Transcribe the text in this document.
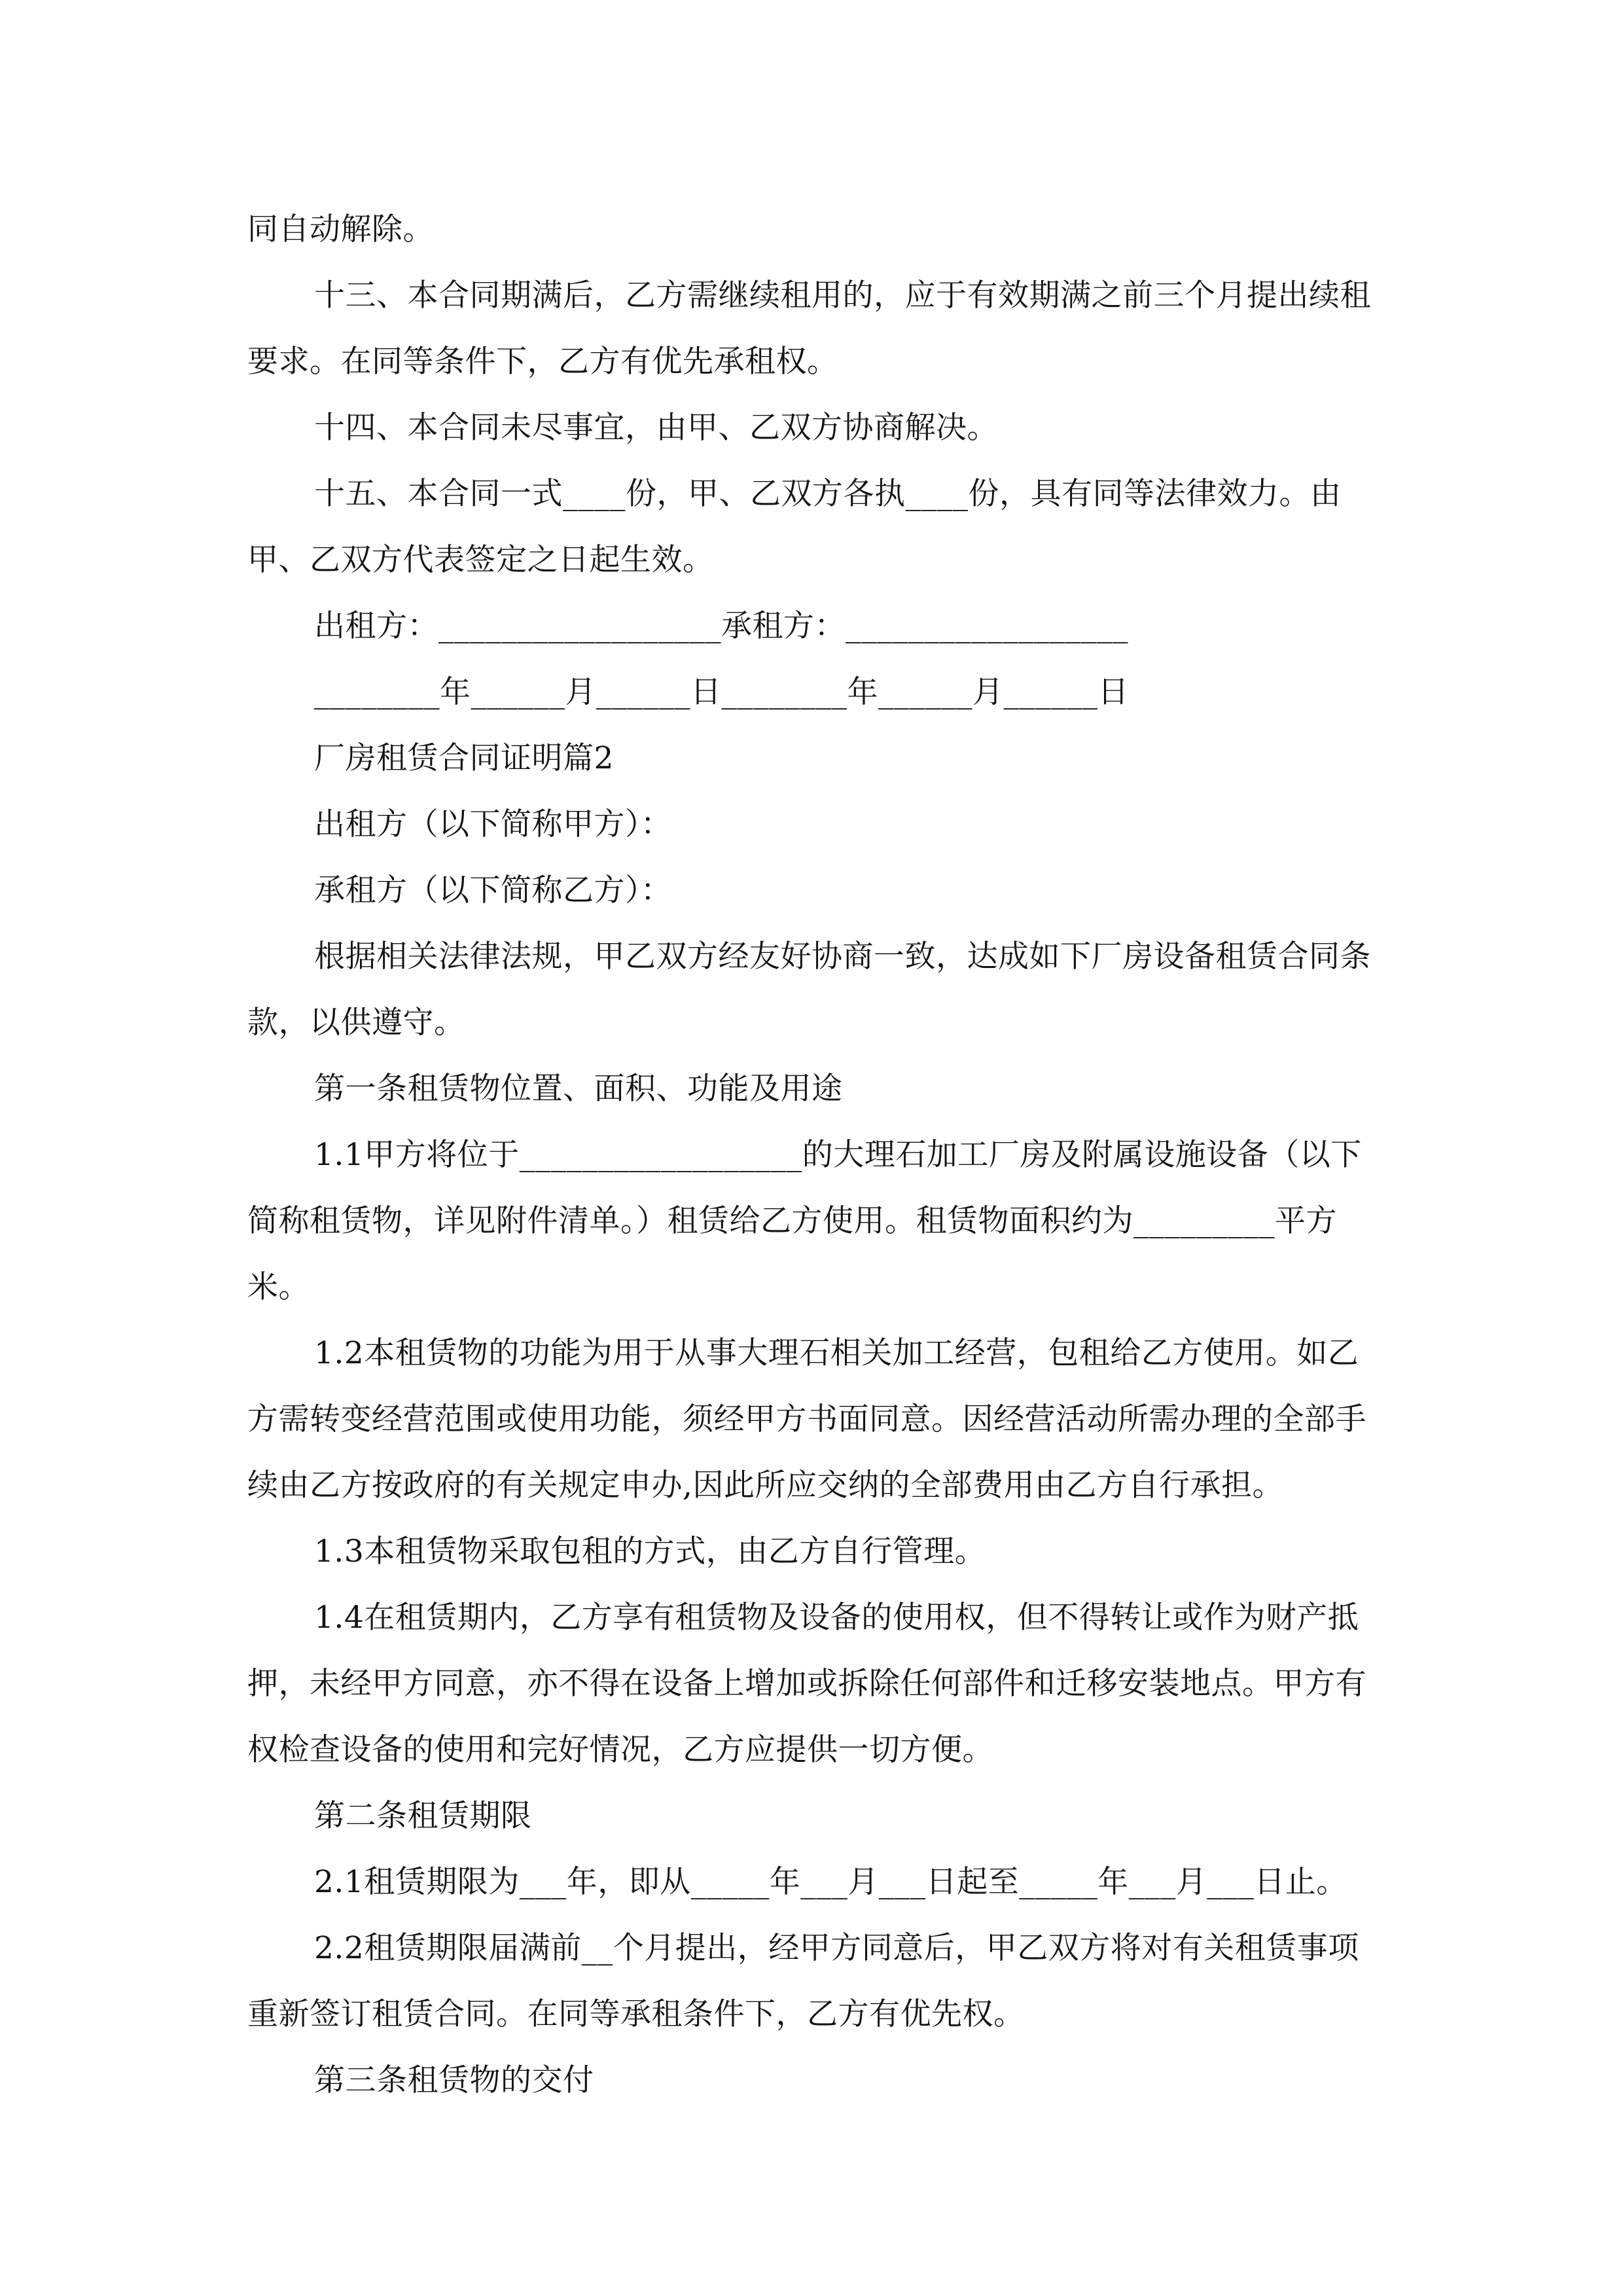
同自动解除。

十三、本合同期满后，乙方需继续租用的，应于有效期满之前三个月提出续租要求。在同等条件下，乙方有优先承租权。

十四、本合同未尽事宜，由甲、乙双方协商解决。

十五、本合同一式____份，甲、乙双方各执____份，具有同等法律效力。由甲、乙双方代表签定之日起生效。

出租方：__________________承租方：__________________

________年______月______日________年______月______日

厂房租赁合同证明篇2

出租方（以下简称甲方）：

承租方（以下简称乙方）：

根据相关法律法规，甲乙双方经友好协商一致，达成如下厂房设备租赁合同条款，以供遵守。

第一条租赁物位置、面积、功能及用途

1.1甲方将位于__________________的大理石加工厂房及附属设施设备（以下简称租赁物，详见附件清单。）租赁给乙方使用。租赁物面积约为_________平方米。

1.2本租赁物的功能为用于从事大理石相关加工经营，包租给乙方使用。如乙方需转变经营范围或使用功能，须经甲方书面同意。因经营活动所需办理的全部手续由乙方按政府的有关规定申办,因此所应交纳的全部费用由乙方自行承担。

1.3本租赁物采取包租的方式，由乙方自行管理。

1.4在租赁期内，乙方享有租赁物及设备的使用权，但不得转让或作为财产抵押，未经甲方同意，亦不得在设备上增加或拆除任何部件和迁移安装地点。甲方有权检查设备的使用和完好情况，乙方应提供一切方便。

第二条租赁期限

2.1租赁期限为___年，即从_____年___月___日起至_____年___月___日止。

2.2租赁期限届满前__个月提出，经甲方同意后，甲乙双方将对有关租赁事项重新签订租赁合同。在同等承租条件下，乙方有优先权。

第三条租赁物的交付
